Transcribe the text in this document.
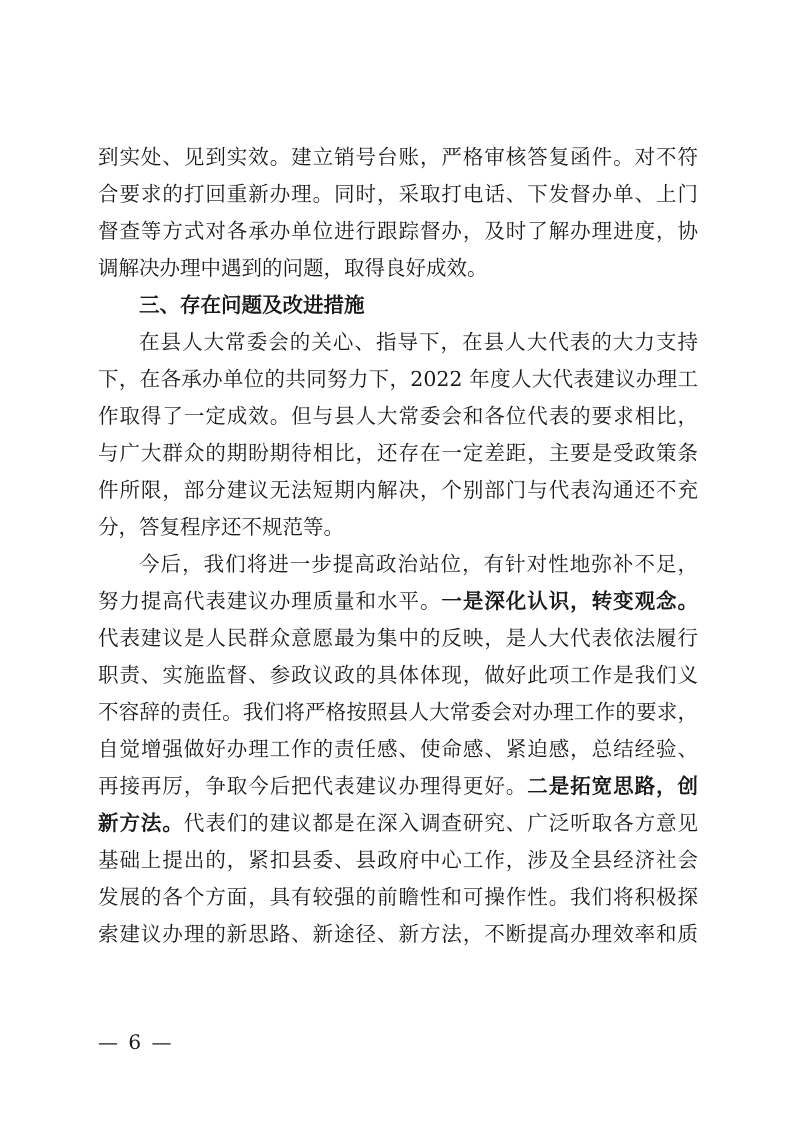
到实处、见到实效。建立销号台账，严格审核答复函件。对不符
合要求的打回重新办理。同时，采取打电话、下发督办单、上门
督查等方式对各承办单位进行跟踪督办，及时了解办理进度，协
调解决办理中遇到的问题，取得良好成效。
三、存在问题及改进措施
在县人大常委会的关心、指导下，在县人大代表的大力支持
下，在各承办单位的共同努力下，2022 年度人大代表建议办理工
作取得了一定成效。但与县人大常委会和各位代表的要求相比，
与广大群众的期盼期待相比，还存在一定差距，主要是受政策条
件所限，部分建议无法短期内解决，个别部门与代表沟通还不充
分，答复程序还不规范等。
今后，我们将进一步提高政治站位，有针对性地弥补不足，
努力提高代表建议办理质量和水平。一是深化认识，转变观念。
代表建议是人民群众意愿最为集中的反映，是人大代表依法履行
职责、实施监督、参政议政的具体体现，做好此项工作是我们义
不容辞的责任。我们将严格按照县人大常委会对办理工作的要求，
自觉增强做好办理工作的责任感、使命感、紧迫感，总结经验、
再接再厉，争取今后把代表建议办理得更好。二是拓宽思路，创
新方法。代表们的建议都是在深入调查研究、广泛听取各方意见
基础上提出的，紧扣县委、县政府中心工作，涉及全县经济社会
发展的各个方面，具有较强的前瞻性和可操作性。我们将积极探
索建议办理的新思路、新途径、新方法，不断提高办理效率和质
— 6 —
